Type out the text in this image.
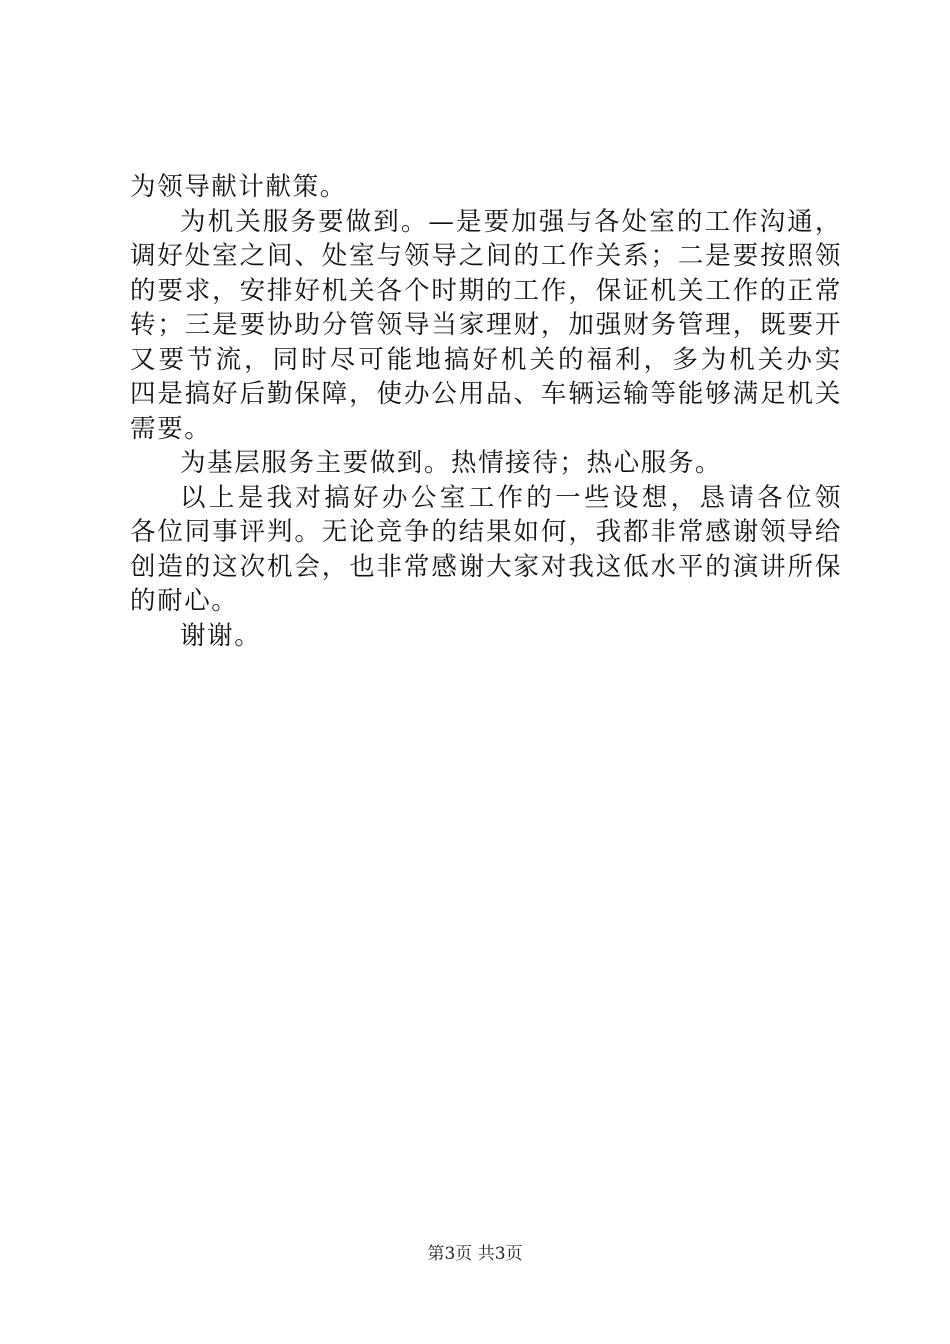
为领导献计献策。
为机关服务要做到。—是要加强与各处室的工作沟通，
调好处室之间、处室与领导之间的工作关系；二是要按照领
的要求，安排好机关各个时期的工作，保证机关工作的正常
转；三是要协助分管领导当家理财，加强财务管理，既要开
又要节流，同时尽可能地搞好机关的福利，多为机关办实
四是搞好后勤保障，使办公用品、车辆运输等能够满足机关
需要。
为基层服务主要做到。热情接待；热心服务。
以上是我对搞好办公室工作的一些设想，恳请各位领
各位同事评判。无论竞争的结果如何，我都非常感谢领导给
创造的这次机会，也非常感谢大家对我这低水平的演讲所保
的耐心。
谢谢。
第3页 共3页
